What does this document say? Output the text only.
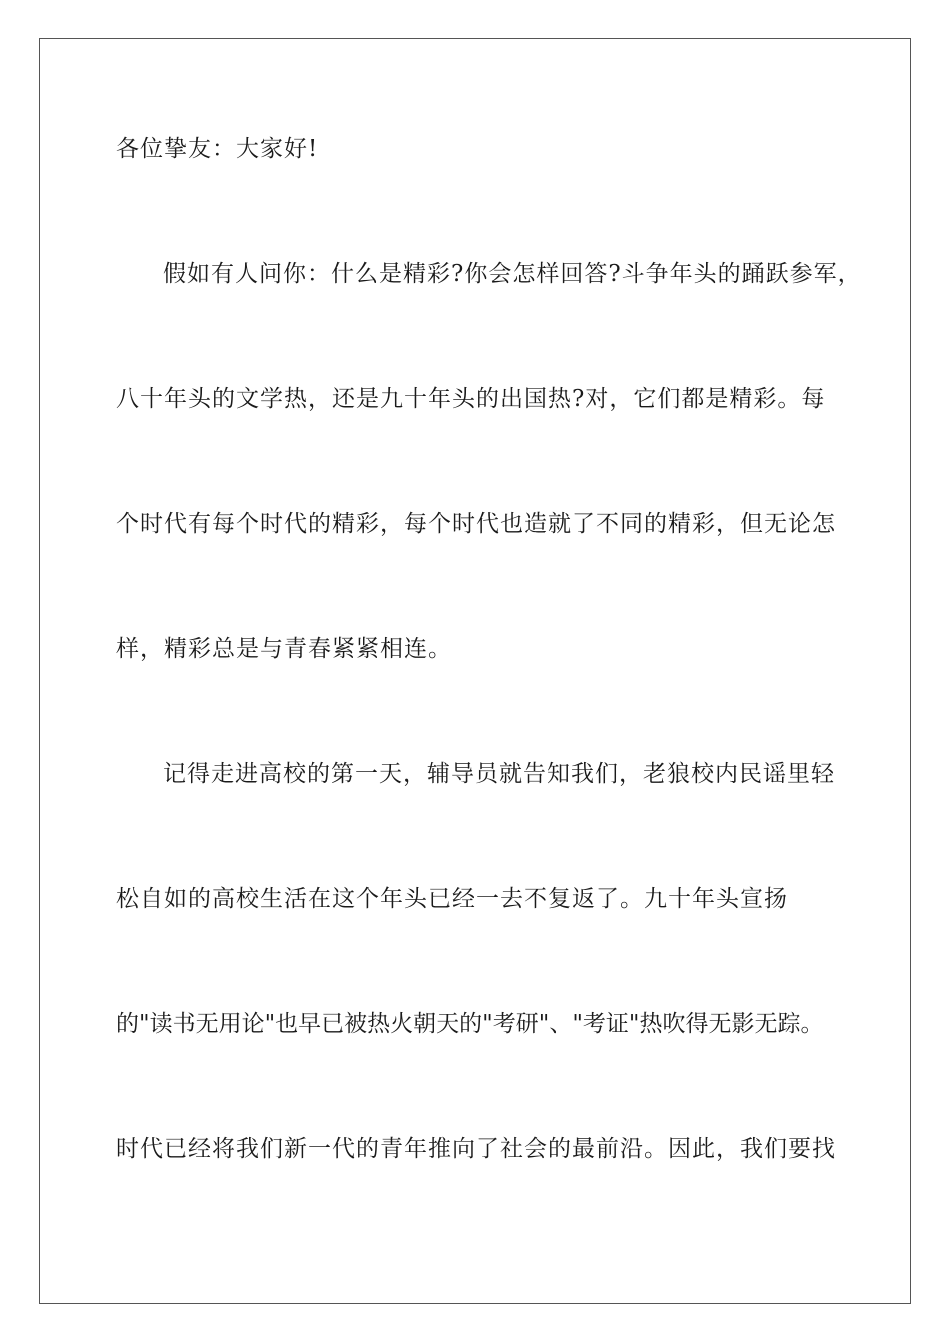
各位挚友：大家好!
假如有人问你：什么是精彩?你会怎样回答?斗争年头的踊跃参军，
八十年头的文学热，还是九十年头的出国热?对，它们都是精彩。每
个时代有每个时代的精彩，每个时代也造就了不同的精彩，但无论怎
样，精彩总是与青春紧紧相连。
记得走进高校的第一天，辅导员就告知我们，老狼校内民谣里轻
松自如的高校生活在这个年头已经一去不复返了。九十年头宣扬
的"读书无用论"也早已被热火朝天的"考研"、"考证"热吹得无影无踪。
时代已经将我们新一代的青年推向了社会的最前沿。因此，我们要找
